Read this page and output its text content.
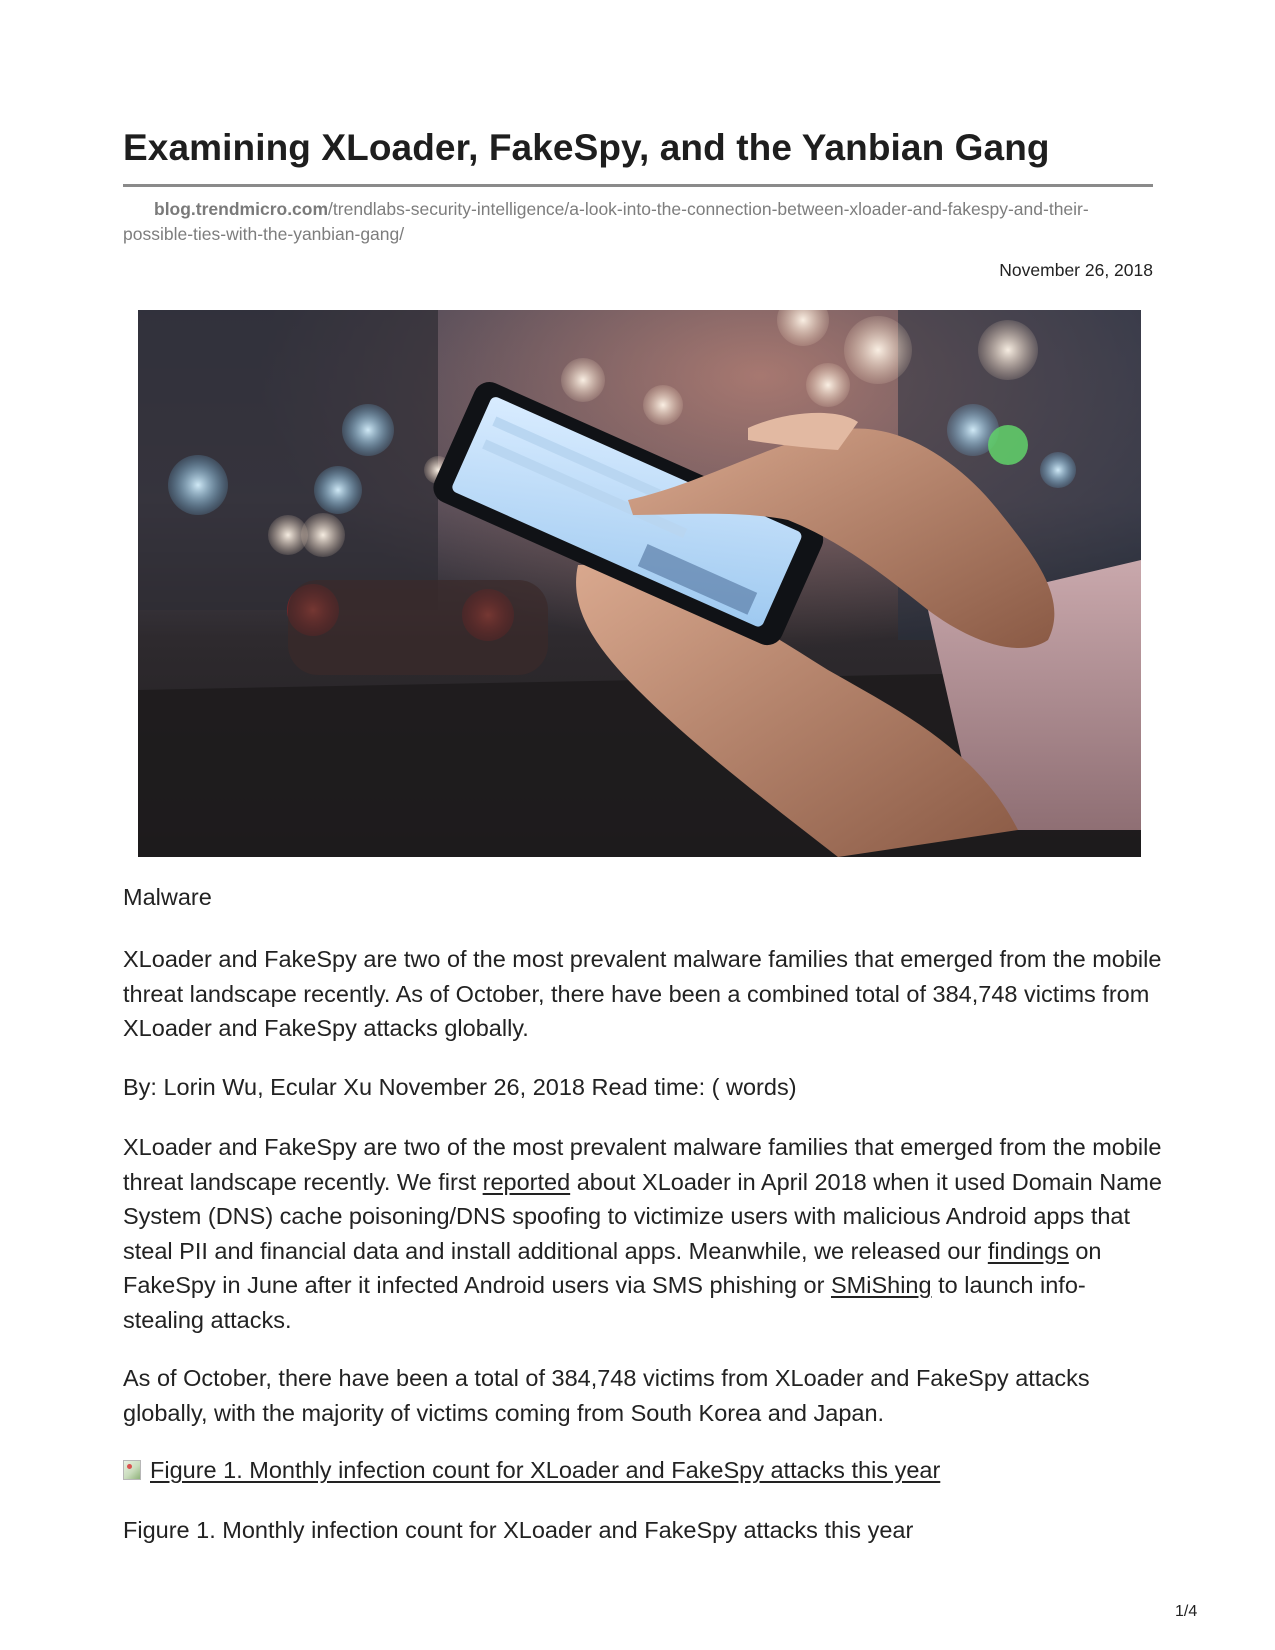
Examining XLoader, FakeSpy, and the Yanbian Gang
blog.trendmicro.com/trendlabs-security-intelligence/a-look-into-the-connection-between-xloader-and-fakespy-and-their-possible-ties-with-the-yanbian-gang/
November 26, 2018
Malware

XLoader and FakeSpy are two of the most prevalent malware families that emerged from the mobile threat landscape recently. As of October, there have been a combined total of 384,748 victims from XLoader and FakeSpy attacks globally.

By: Lorin Wu, Ecular Xu November 26, 2018 Read time: ( words)

XLoader and FakeSpy are two of the most prevalent malware families that emerged from the mobile threat landscape recently. We first reported about XLoader in April 2018 when it used Domain Name System (DNS) cache poisoning/DNS spoofing to victimize users with malicious Android apps that steal PII and financial data and install additional apps. Meanwhile, we released our findings on FakeSpy in June after it infected Android users via SMS phishing or SMiShing to launch info-stealing attacks.

As of October, there have been a total of 384,748 victims from XLoader and FakeSpy attacks globally, with the majority of victims coming from South Korea and Japan.

Figure 1. Monthly infection count for XLoader and FakeSpy attacks this year

Figure 1. Monthly infection count for XLoader and FakeSpy attacks this year

1/4
